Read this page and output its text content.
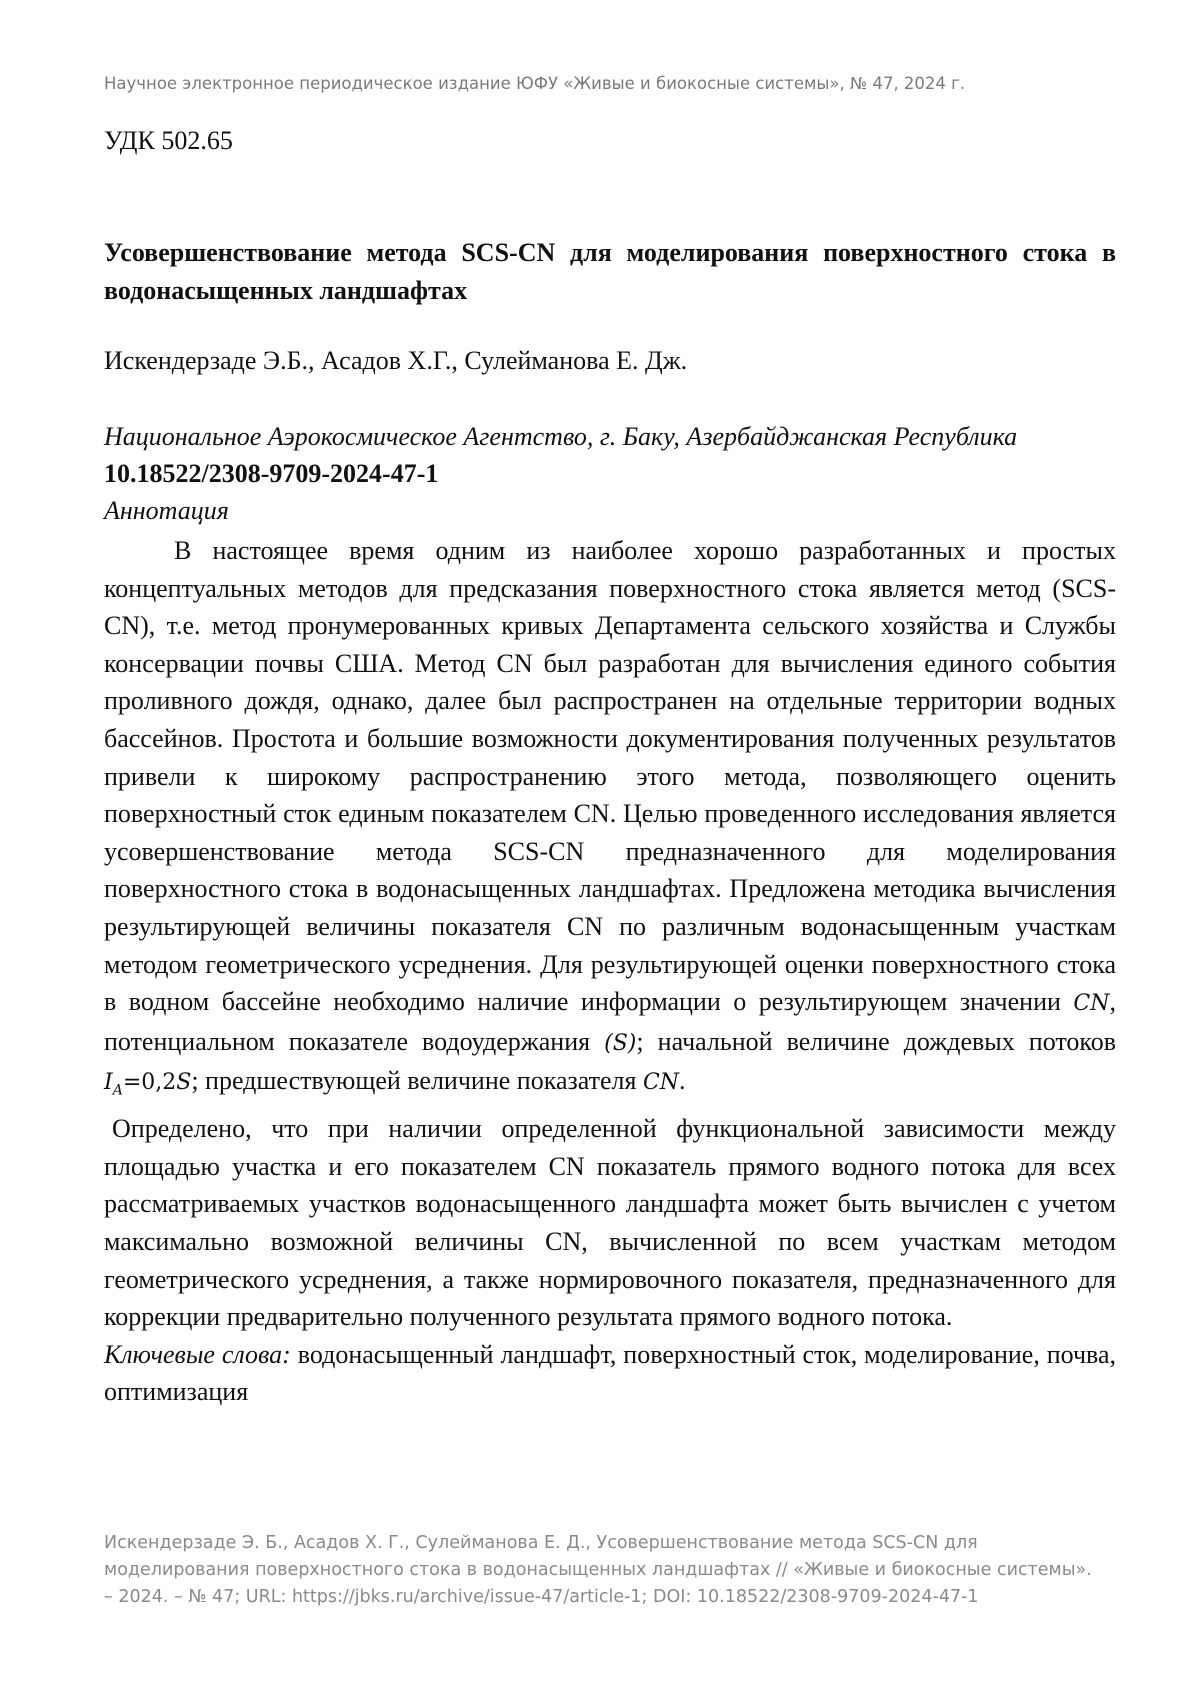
Научное электронное периодическое издание ЮФУ «Живые и биокосные системы», № 47, 2024 г.
УДК 502.65
Усовершенствование метода SCS-CN для моделирования поверхностного стока в водонасыщенных ландшафтах
Искендерзаде Э.Б., Асадов Х.Г., Сулейманова Е. Дж.
Национальное Аэрокосмическое Агентство, г. Баку, Азербайджанская Республика
10.18522/2308-9709-2024-47-1
Аннотация

В настоящее время одним из наиболее хорошо разработанных и простых концептуальных методов для предсказания поверхностного стока является метод (SCS-CN), т.е. метод пронумерованных кривых Департамента сельского хозяйства и Службы консервации почвы США. Метод CN был разработан для вычисления единого события проливного дождя, однако, далее был распространен на отдельные территории водных бассейнов. Простота и большие возможности документирования полученных результатов привели к широкому распространению этого метода, позволяющего оценить поверхностный сток единым показателем CN. Целью проведенного исследования является усовершенствование метода SCS-CN предназначенного для моделирования поверхностного стока в водонасыщенных ландшафтах. Предложена методика вычисления результирующей величины показателя CN по различным водонасыщенным участкам методом геометрического усреднения. Для результирующей оценки поверхностного стока в водном бассейне необходимо наличие информации о результирующем значении CN, потенциальном показателе водоудержания (S); начальной величине дождевых потоков $I_A=0,2S$; предшествующей величине показателя CN.

Определено, что при наличии определенной функциональной зависимости между площадью участка и его показателем CN показатель прямого водного потока для всех рассматриваемых участков водонасыщенного ландшафта может быть вычислен с учетом максимально возможной величины CN, вычисленной по всем участкам методом геометрического усреднения, а также нормировочного показателя, предназначенного для коррекции предварительно полученного результата прямого водного потока.

Ключевые слова: водонасыщенный ландшафт, поверхностный сток, моделирование, почва, оптимизация

Искендерзаде Э. Б., Асадов Х. Г., Сулейманова Е. Д., Усовершенствование метода SCS-CN для
моделирования поверхностного стока в водонасыщенных ландшафтах // «Живые и биокосные системы».
– 2024. – № 47; URL: https://jbks.ru/archive/issue-47/article-1; DOI: 10.18522/2308-9709-2024-47-1
